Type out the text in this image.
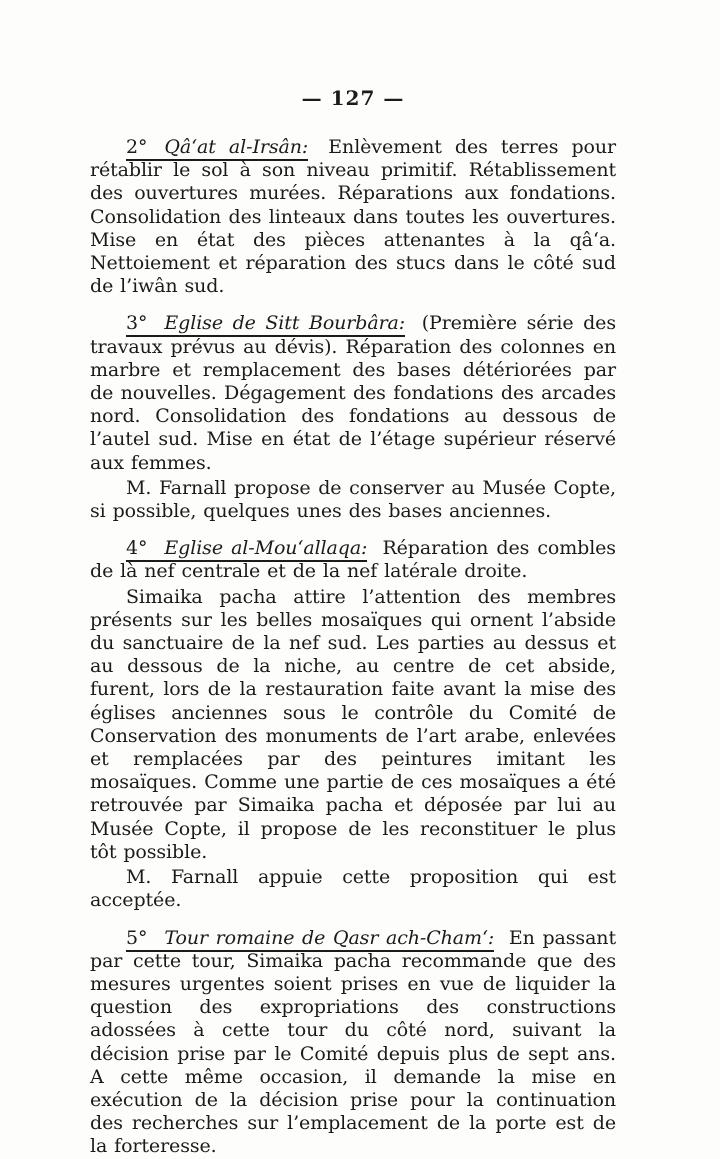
— 127 —

2° Qâ‘at al-Irsân: Enlèvement des terres pour rétablir le sol à son niveau primitif. Rétablissement des ouvertures murées. Réparations aux fondations. Consolidation des linteaux dans toutes les ouvertures. Mise en état des pièces attenantes à la qâ‘a. Nettoiement et réparation des stucs dans le côté sud de l’iwân sud.

3° Eglise de Sitt Bourbâra: (Première série des travaux prévus au dévis). Réparation des colonnes en marbre et remplacement des bases détériorées par de nouvelles. Dégagement des fondations des arcades nord. Consolidation des fondations au dessous de l’autel sud. Mise en état de l’étage supérieur réservé aux femmes.

M. Farnall propose de conserver au Musée Copte, si possible, quelques unes des bases anciennes.

4° Eglise al-Mou‘allaqa: Réparation des combles de là nef centrale et de la nef latérale droite.

Simaika pacha attire l’attention des membres présents sur les belles mosaïques qui ornent l’abside du sanctuaire de la nef sud. Les parties au dessus et au dessous de la niche, au centre de cet abside, furent, lors de la restauration faite avant la mise des églises anciennes sous le contrôle du Comité de Conservation des monuments de l’art arabe, enlevées et remplacées par des peintures imitant les mosaïques. Comme une partie de ces mosaïques a été retrouvée par Simaika pacha et déposée par lui au Musée Copte, il propose de les reconstituer le plus tôt possible.

M. Farnall appuie cette proposition qui est acceptée.

5° Tour romaine de Qasr ach-Cham‘: En passant par cette tour, Simaika pacha recommande que des mesures urgentes soient prises en vue de liquider la question des expropriations des constructions adossées à cette tour du côté nord, suivant la décision prise par le Comité depuis plus de sept ans. A cette même occasion, il demande la mise en exécution de la décision prise pour la continuation des recherches sur l’emplacement de la porte est de la forteresse.
